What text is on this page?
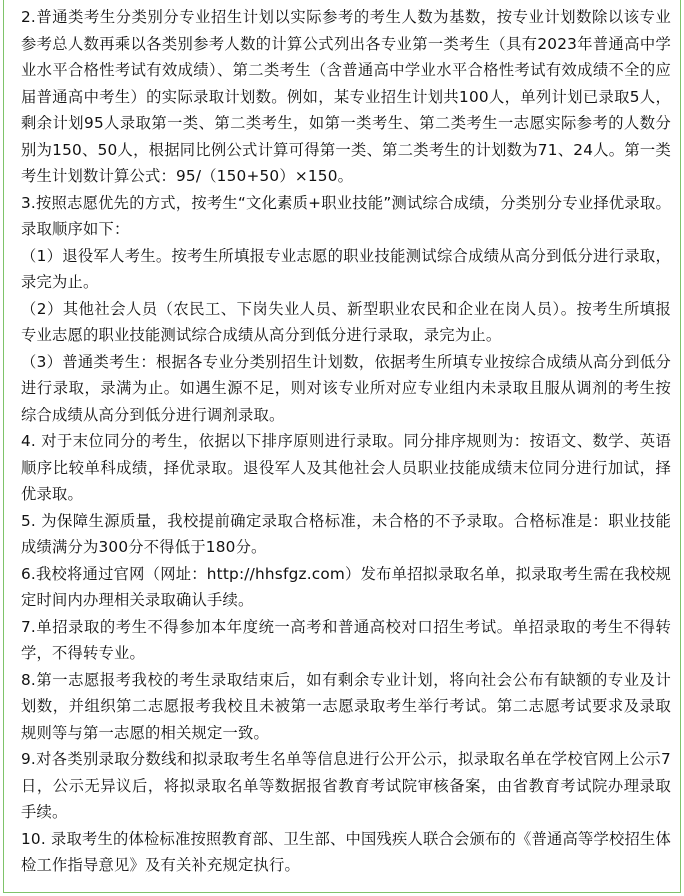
2.普通类考生分类别分专业招生计划以实际参考的考生人数为基数，按专业计划数除以该专业参考总人数再乘以各类别参考人数的计算公式列出各专业第一类考生（具有2023年普通高中学业水平合格性考试有效成绩）、第二类考生（含普通高中学业水平合格性考试有效成绩不全的应届普通高中考生）的实际录取计划数。例如，某专业招生计划共100人，单列计划已录取5人，剩余计划95人录取第一类、第二类考生，如第一类考生、第二类考生一志愿实际参考的人数分别为150、50人，根据同比例公式计算可得第一类、第二类考生的计划数为71、24人。第一类考生计划数计算公式：95/（150+50）×150。

3.按照志愿优先的方式，按考生“文化素质+职业技能”测试综合成绩，分类别分专业择优录取。录取顺序如下：

（1）退役军人考生。按考生所填报专业志愿的职业技能测试综合成绩从高分到低分进行录取，录完为止。

（2）其他社会人员（农民工、下岗失业人员、新型职业农民和企业在岗人员）。按考生所填报专业志愿的职业技能测试综合成绩从高分到低分进行录取，录完为止。

（3）普通类考生：根据各专业分类别招生计划数，依据考生所填专业按综合成绩从高分到低分进行录取，录满为止。如遇生源不足，则对该专业所对应专业组内未录取且服从调剂的考生按综合成绩从高分到低分进行调剂录取。

4. 对于末位同分的考生，依据以下排序原则进行录取。同分排序规则为：按语文、数学、英语顺序比较单科成绩，择优录取。退役军人及其他社会人员职业技能成绩末位同分进行加试，择优录取。

5. 为保障生源质量，我校提前确定录取合格标准，未合格的不予录取。合格标准是：职业技能成绩满分为300分不得低于180分。

6.我校将通过官网（网址：http://hhsfgz.com）发布单招拟录取名单，拟录取考生需在我校规定时间内办理相关录取确认手续。

7.单招录取的考生不得参加本年度统一高考和普通高校对口招生考试。单招录取的考生不得转学，不得转专业。

8.第一志愿报考我校的考生录取结束后，如有剩余专业计划，将向社会公布有缺额的专业及计划数，并组织第二志愿报考我校且未被第一志愿录取考生举行考试。第二志愿考试要求及录取规则等与第一志愿的相关规定一致。

9.对各类别录取分数线和拟录取考生名单等信息进行公开公示，拟录取名单在学校官网上公示7日，公示无异议后，将拟录取名单等数据报省教育考试院审核备案，由省教育考试院办理录取手续。

10. 录取考生的体检标准按照教育部、卫生部、中国残疾人联合会颁布的《普通高等学校招生体检工作指导意见》及有关补充规定执行。
